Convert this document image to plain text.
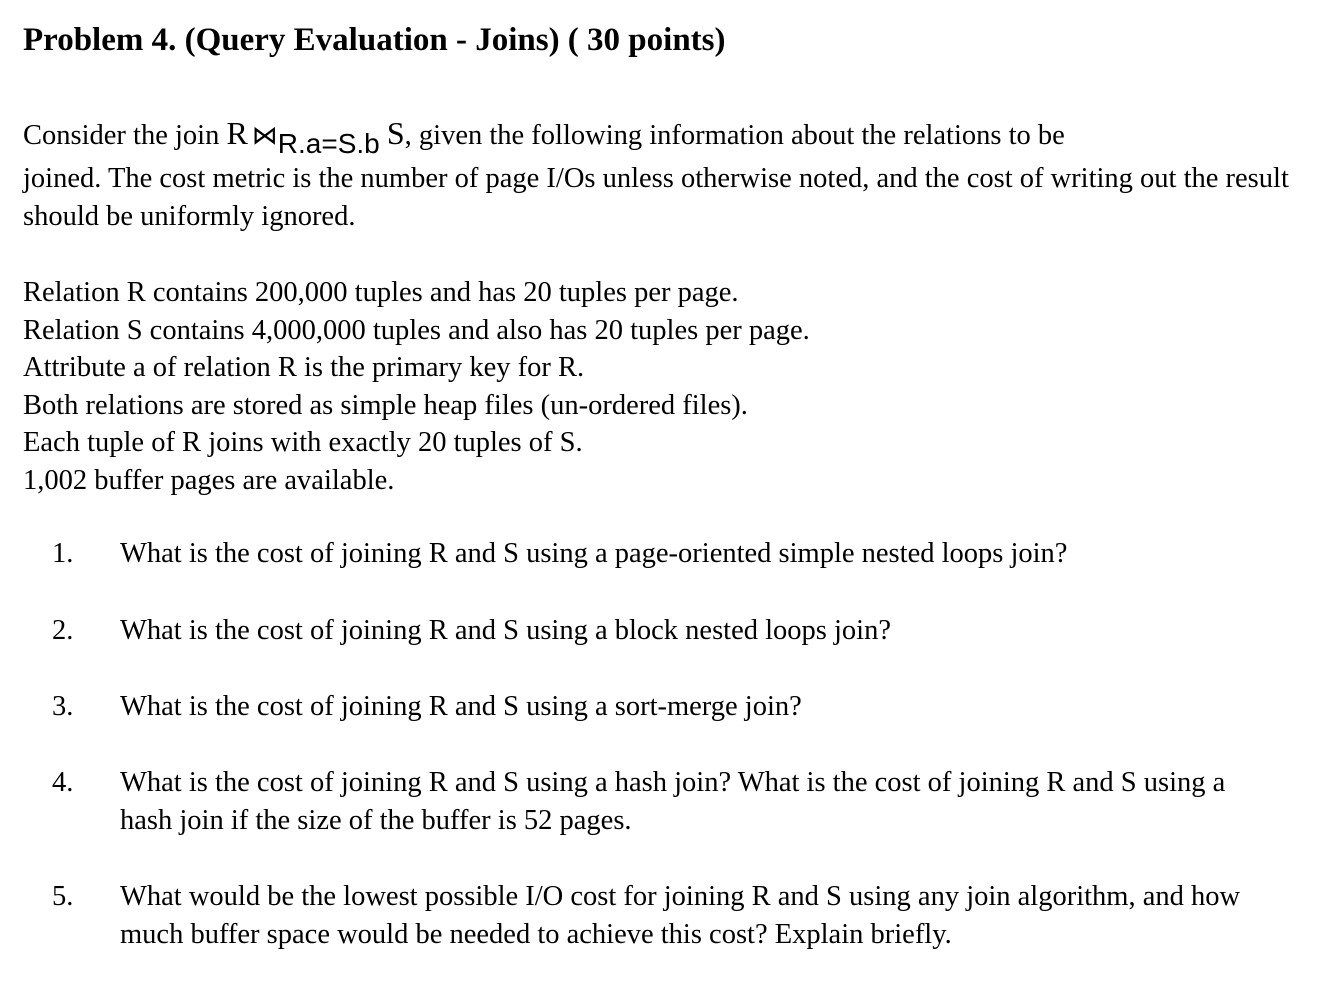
Problem 4. (Query Evaluation - Joins) ( 30 points)
Consider the join R ⋈R.a=S.b S, given the following information about the relations to be
joined. The cost metric is the number of page I/Os unless otherwise noted, and the cost of writing out the result should be uniformly ignored.
Relation R contains 200,000 tuples and has 20 tuples per page.
Relation S contains 4,000,000 tuples and also has 20 tuples per page.
Attribute a of relation R is the primary key for R.
Both relations are stored as simple heap files (un-ordered files).
Each tuple of R joins with exactly 20 tuples of S.
1,002 buffer pages are available.
1. What is the cost of joining R and S using a page-oriented simple nested loops join?
2. What is the cost of joining R and S using a block nested loops join?
3. What is the cost of joining R and S using a sort-merge join?
4. What is the cost of joining R and S using a hash join? What is the cost of joining R and S using a hash join if the size of the buffer is 52 pages.
5. What would be the lowest possible I/O cost for joining R and S using any join algorithm, and how much buffer space would be needed to achieve this cost? Explain briefly.
